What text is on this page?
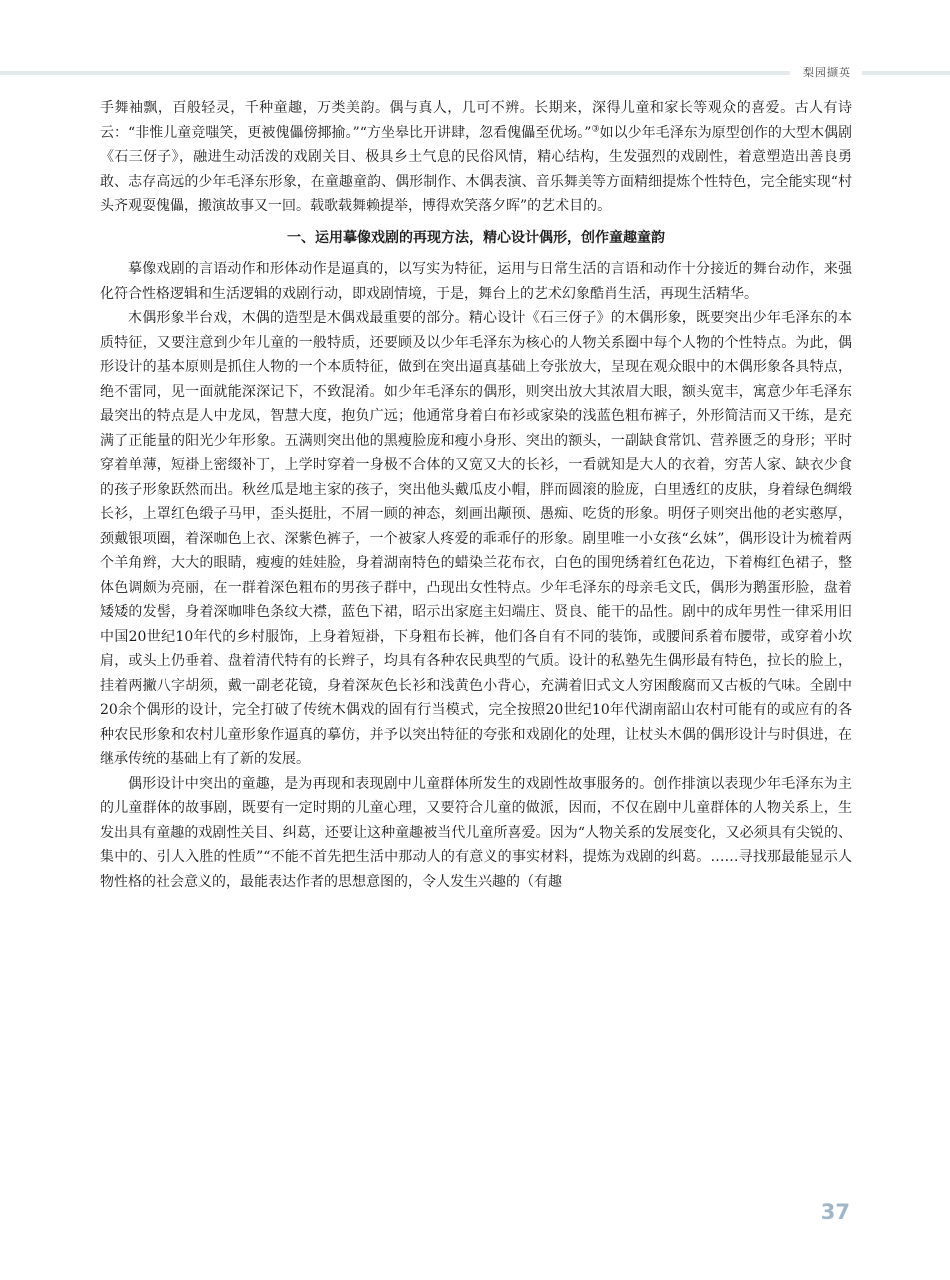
梨园撷英

手舞袖飘，百般轻灵，千种童趣，万类美韵。偶与真人，几可不辨。长期来，深得儿童和家长等观众的喜爱。古人有诗云：“非惟儿童竞嗤笑，更被傀儡傍揶揄。”“方坐皋比开讲肆，忽看傀儡至优场。”③如以少年毛泽东为原型创作的大型木偶剧《石三伢子》，融进生动活泼的戏剧关目、极具乡土气息的民俗风情，精心结构，生发强烈的戏剧性，着意塑造出善良勇敢、志存高远的少年毛泽东形象，在童趣童韵、偶形制作、木偶表演、音乐舞美等方面精细提炼个性特色，完全能实现“村头齐观耍傀儡，搬演故事又一回。载歌载舞赖提举，博得欢笑落夕晖”的艺术目的。

一、运用摹像戏剧的再现方法，精心设计偶形，创作童趣童韵

摹像戏剧的言语动作和形体动作是逼真的，以写实为特征，运用与日常生活的言语和动作十分接近的舞台动作，来强化符合性格逻辑和生活逻辑的戏剧行动，即戏剧情境，于是，舞台上的艺术幻象酷肖生活，再现生活精华。

木偶形象半台戏，木偶的造型是木偶戏最重要的部分。精心设计《石三伢子》的木偶形象，既要突出少年毛泽东的本质特征，又要注意到少年儿童的一般特质，还要顾及以少年毛泽东为核心的人物关系圈中每个人物的个性特点。为此，偶形设计的基本原则是抓住人物的一个本质特征，做到在突出逼真基础上夸张放大，呈现在观众眼中的木偶形象各具特点，绝不雷同，见一面就能深深记下，不致混淆。如少年毛泽东的偶形，则突出放大其浓眉大眼，额头宽丰，寓意少年毛泽东最突出的特点是人中龙凤，智慧大度，抱负广远；他通常身着白布衫或家染的浅蓝色粗布裤子，外形简洁而又干练，是充满了正能量的阳光少年形象。五满则突出他的黑瘦脸庞和瘦小身形、突出的额头，一副缺食常饥、营养匮乏的身形；平时穿着单薄，短褂上密缀补丁，上学时穿着一身极不合体的又宽又大的长衫，一看就知是大人的衣着，穷苦人家、缺衣少食的孩子形象跃然而出。秋丝瓜是地主家的孩子，突出他头戴瓜皮小帽，胖而圆滚的脸庞，白里透红的皮肤，身着绿色绸缎长衫，上罩红色缎子马甲，歪头挺肚，不屑一顾的神态，刻画出颟顸、愚痴、吃货的形象。明伢子则突出他的老实憨厚，颈戴银项圈，着深咖色上衣、深紫色裤子，一个被家人疼爱的乖乖仔的形象。剧里唯一小女孩“幺妹”，偶形设计为梳着两个羊角辫，大大的眼睛，瘦瘦的娃娃脸，身着湖南特色的蜡染兰花布衣，白色的围兜绣着红色花边，下着梅红色裙子，整体色调颇为亮丽，在一群着深色粗布的男孩子群中，凸现出女性特点。少年毛泽东的母亲毛文氏，偶形为鹅蛋形脸，盘着矮矮的发髻，身着深咖啡色条纹大襟，蓝色下裙，昭示出家庭主妇端庄、贤良、能干的品性。剧中的成年男性一律采用旧中国20世纪10年代的乡村服饰，上身着短褂，下身粗布长裤，他们各自有不同的装饰，或腰间系着布腰带，或穿着小坎肩，或头上仍垂着、盘着清代特有的长辫子，均具有各种农民典型的气质。设计的私塾先生偶形最有特色，拉长的脸上，挂着两撇八字胡须，戴一副老花镜，身着深灰色长衫和浅黄色小背心，充满着旧式文人穷困酸腐而又古板的气味。全剧中20余个偶形的设计，完全打破了传统木偶戏的固有行当模式，完全按照20世纪10年代湖南韶山农村可能有的或应有的各种农民形象和农村儿童形象作逼真的摹仿，并予以突出特征的夸张和戏剧化的处理，让杖头木偶的偶形设计与时俱进，在继承传统的基础上有了新的发展。

偶形设计中突出的童趣，是为再现和表现剧中儿童群体所发生的戏剧性故事服务的。创作排演以表现少年毛泽东为主的儿童群体的故事剧，既要有一定时期的儿童心理，又要符合儿童的做派，因而，不仅在剧中儿童群体的人物关系上，生发出具有童趣的戏剧性关目、纠葛，还要让这种童趣被当代儿童所喜爱。因为“人物关系的发展变化，又必须具有尖锐的、集中的、引人入胜的性质”“不能不首先把生活中那动人的有意义的事实材料，提炼为戏剧的纠葛。……寻找那最能显示人物性格的社会意义的，最能表达作者的思想意图的，令人发生兴趣的（有趣

37
